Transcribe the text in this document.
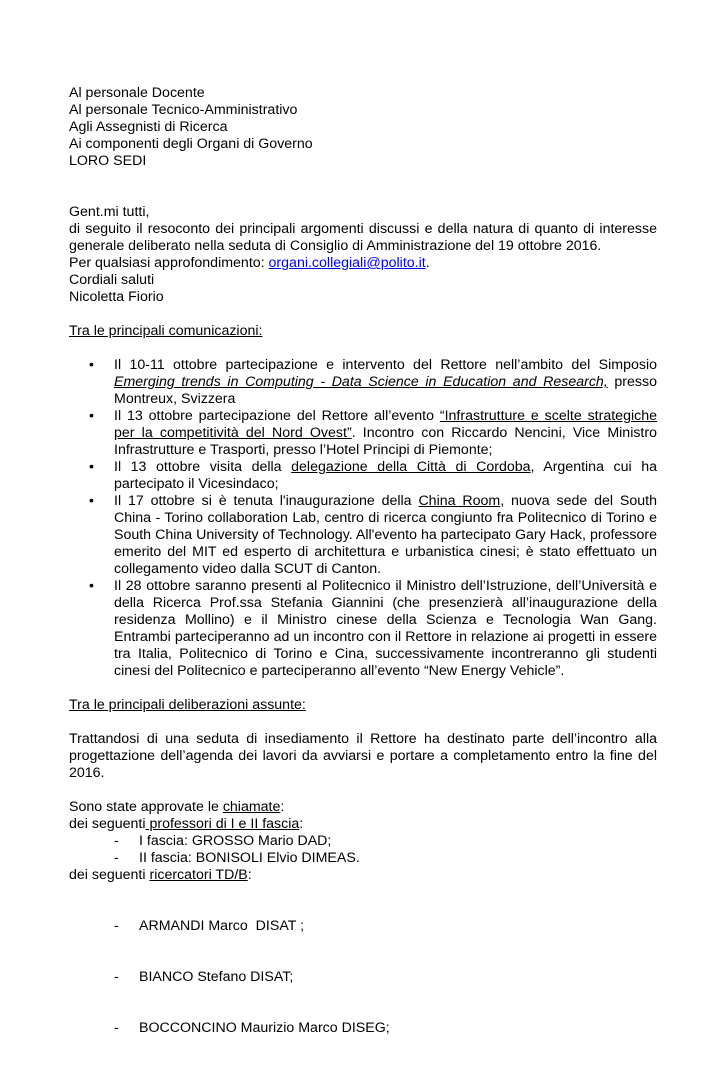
Al personale Docente
Al personale Tecnico-Amministrativo
Agli Assegnisti di Ricerca
Ai componenti degli Organi di Governo
LORO SEDI
Gent.mi tutti,
di seguito il resoconto dei principali argomenti discussi e della natura di quanto di interesse generale deliberato nella seduta di Consiglio di Amministrazione del 19 ottobre 2016.
Per qualsiasi approfondimento: organi.collegiali@polito.it.
Cordiali saluti
Nicoletta Fiorio
Tra le principali comunicazioni:
• Il 10-11 ottobre partecipazione e intervento del Rettore nell’ambito del Simposio Emerging trends in Computing - Data Science in Education and Research, presso Montreux, Svizzera
• Il 13 ottobre partecipazione del Rettore all’evento “Infrastrutture e scelte strategiche per la competitività del Nord Ovest”. Incontro con Riccardo Nencini, Vice Ministro Infrastrutture e Trasporti, presso l’Hotel Principi di Piemonte;
• Il 13 ottobre visita della delegazione della Città di Cordoba, Argentina cui ha partecipato il Vicesindaco;
• Il 17 ottobre si è tenuta l'inaugurazione della China Room, nuova sede del South China - Torino collaboration Lab, centro di ricerca congiunto fra Politecnico di Torino e South China University of Technology. All'evento ha partecipato Gary Hack, professore emerito del MIT ed esperto di architettura e urbanistica cinesi; è stato effettuato un collegamento video dalla SCUT di Canton.
• Il 28 ottobre saranno presenti al Politecnico il Ministro dell’Istruzione, dell’Università e della Ricerca Prof.ssa Stefania Giannini (che presenzierà all’inaugurazione della residenza Mollino) e il Ministro cinese della Scienza e Tecnologia Wan Gang. Entrambi parteciperanno ad un incontro con il Rettore in relazione ai progetti in essere tra Italia, Politecnico di Torino e Cina, successivamente incontreranno gli studenti cinesi del Politecnico e parteciperanno all’evento “New Energy Vehicle”.
Tra le principali deliberazioni assunte:
Trattandosi di una seduta di insediamento il Rettore ha destinato parte dell’incontro alla progettazione dell’agenda dei lavori da avviarsi e portare a completamento entro la fine del 2016.
Sono state approvate le chiamate:
dei seguenti professori di I e II fascia:
- I fascia: GROSSO Mario DAD;
- II fascia: BONISOLI Elvio DIMEAS.
dei seguenti ricercatori TD/B:

- ARMANDI Marco  DISAT ;

- BIANCO Stefano DISAT;

- BOCCONCINO Maurizio Marco DISEG;
